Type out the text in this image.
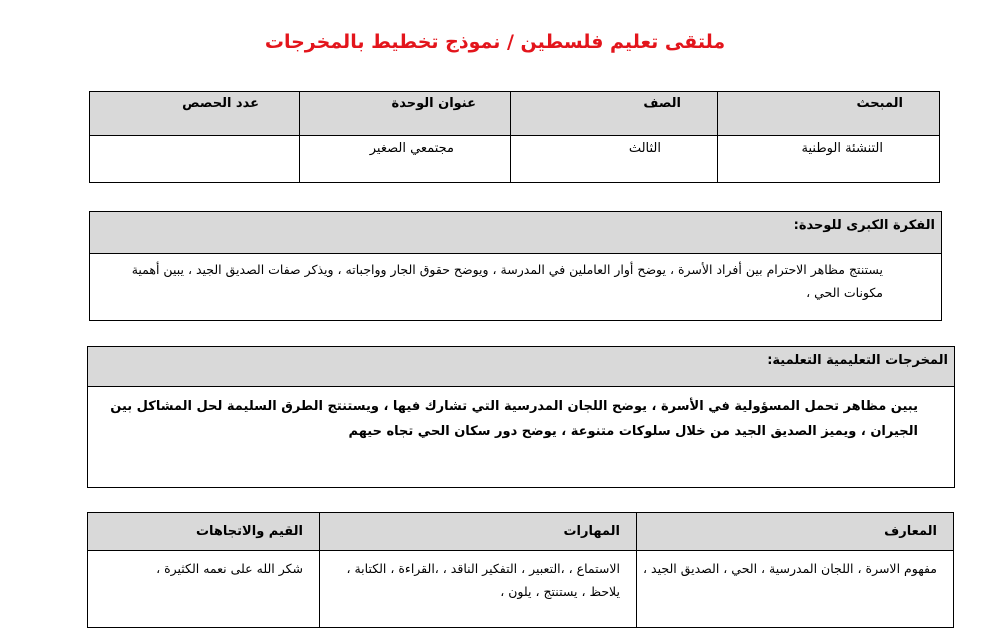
ملتقى تعليم فلسطين / نموذج تخطيط بالمخرجات
المبحث	الصف	عنوان الوحدة	عدد الحصص
التنشئة الوطنية	الثالث	مجتمعي الصغير	
الفكرة الكبرى للوحدة:
يستنتج مظاهر الاحترام بين أفراد الأسرة ، يوضح أوار العاملين في المدرسة ، ويوضح حقوق الجار وواجباته ، ويذكر صفات الصديق الجيد ، يبين أهمية مكونات الحي ،
المخرجات التعليمية التعلمية:
يبين مظاهر تحمل المسؤولية في الأسرة ، يوضح اللجان المدرسية التي تشارك فيها ، ويستنتج الطرق السليمة لحل المشاكل بين الجيران ، ويميز الصديق الجيد من خلال سلوكات متنوعة ، يوضح دور سكان الحي تجاه حيهم
المعارف	المهارات	القيم والاتجاهات
مفهوم الاسرة ، اللجان المدرسية ، الحي ، الصديق الجيد ،	الاستماع ، ،التعبير ، التفكير الناقد ، ،القراءة ، الكتابة ، يلاحظ ، يستنتج ، يلون ،	شكر الله على نعمه الكثيرة ،
